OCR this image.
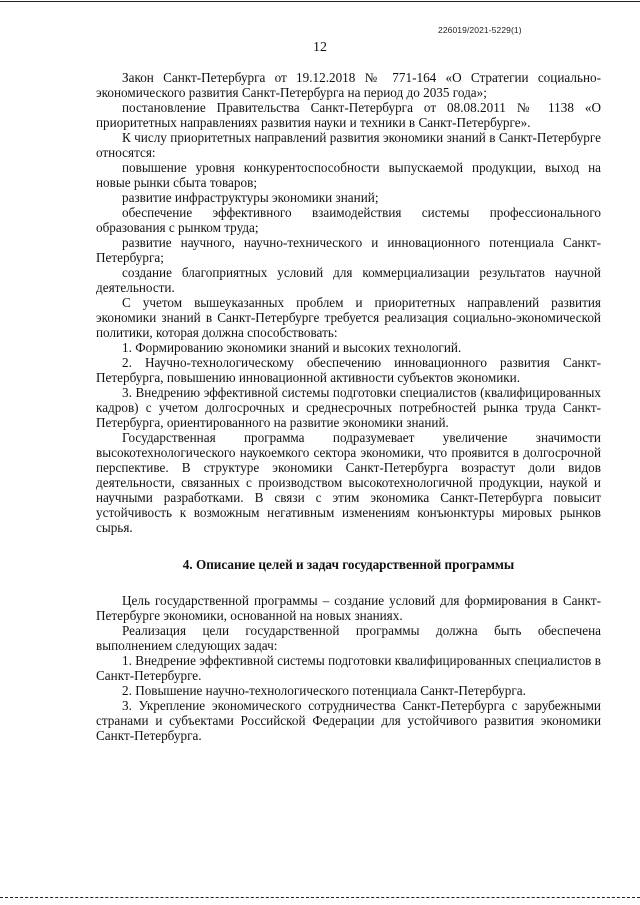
226019/2021-5229(1)
12

Закон Санкт-Петербурга от 19.12.2018 № 771-164 «О Стратегии социально-экономического развития Санкт-Петербурга на период до 2035 года»;

постановление Правительства Санкт-Петербурга от 08.08.2011 № 1138 «О приоритетных направлениях развития науки и техники в Санкт-Петербурге».

К числу приоритетных направлений развития экономики знаний в Санкт-Петербурге относятся:

повышение уровня конкурентоспособности выпускаемой продукции, выход на новые рынки сбыта товаров;

развитие инфраструктуры экономики знаний;

обеспечение эффективного взаимодействия системы профессионального образования с рынком труда;

развитие научного, научно-технического и инновационного потенциала Санкт-Петербурга;

создание благоприятных условий для коммерциализации результатов научной деятельности.

С учетом вышеуказанных проблем и приоритетных направлений развития экономики знаний в Санкт-Петербурге требуется реализация социально-экономической политики, которая должна способствовать:

1. Формированию экономики знаний и высоких технологий.

2. Научно-технологическому обеспечению инновационного развития Санкт-Петербурга, повышению инновационной активности субъектов экономики.

3. Внедрению эффективной системы подготовки специалистов (квалифицированных кадров) с учетом долгосрочных и среднесрочных потребностей рынка труда Санкт-Петербурга, ориентированного на развитие экономики знаний.

Государственная программа подразумевает увеличение значимости высокотехнологического наукоемкого сектора экономики, что проявится в долгосрочной перспективе. В структуре экономики Санкт-Петербурга возрастут доли видов деятельности, связанных с производством высокотехнологичной продукции, наукой и научными разработками. В связи с этим экономика Санкт-Петербурга повысит устойчивость к возможным негативным изменениям конъюнктуры мировых рынков сырья.

4. Описание целей и задач государственной программы

Цель государственной программы – создание условий для формирования в Санкт-Петербурге экономики, основанной на новых знаниях.

Реализация цели государственной программы должна быть обеспечена выполнением следующих задач:

1. Внедрение эффективной системы подготовки квалифицированных специалистов в Санкт-Петербурге.

2. Повышение научно-технологического потенциала Санкт-Петербурга.

3. Укрепление экономического сотрудничества Санкт-Петербурга с зарубежными странами и субъектами Российской Федерации для устойчивого развития экономики Санкт-Петербурга.
